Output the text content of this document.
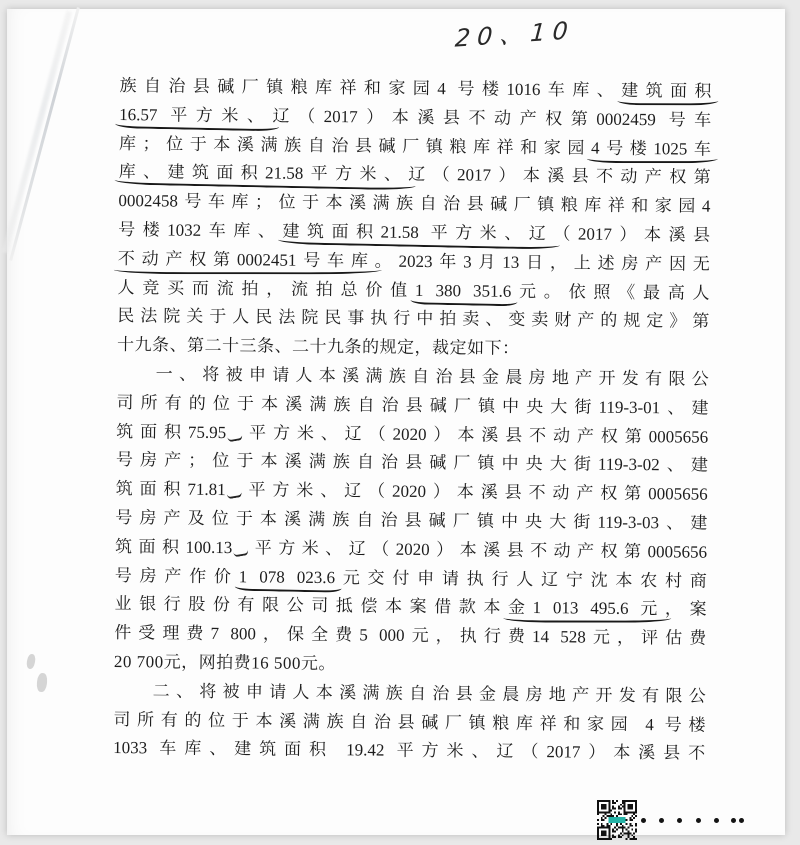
20、10
族自治县碱厂镇粮库祥和家园4 号楼1016车库、建筑面积
16.57 平方米、辽（2017）本溪县不动产权第0002459 号车
库；位于本溪满族自治县碱厂镇粮库祥和家园4号楼1025车
库、建筑面积21.58平方米、辽（2017）本溪县不动产权第
0002458号车库；位于本溪满族自治县碱厂镇粮库祥和家园4
号楼1032车库、建筑面积21.58 平方米、辽（2017）本溪县
不动产权第0002451号车库。2023年3月13日，上述房产因无
人竞买而流拍，流拍总价值1 380 351.6元。依照《最高人
民法院关于人民法院民事执行中拍卖、变卖财产的规定》第
十九条、第二十三条、二十九条的规定，裁定如下：
一、将被申请人本溪满族自治县金晨房地产开发有限公
司所有的位于本溪满族自治县碱厂镇中央大街119-3-01、建
筑面积75.95 平方米、辽（2020）本溪县不动产权第0005656
号房产；位于本溪满族自治县碱厂镇中央大街119-3-02、建
筑面积71.81 平方米、辽（2020）本溪县不动产权第0005656
号房产及位于本溪满族自治县碱厂镇中央大街119-3-03、建
筑面积100.13 平方米、辽（2020）本溪县不动产权第0005656
号房产作价1 078 023.6元交付申请执行人辽宁沈本农村商
业银行股份有限公司抵偿本案借款本金1 013 495.6 元，案
件受理费7 800，保全费5 000元，执行费14 528元，评估费
20 700元，网拍费16 500元。
二、将被申请人本溪满族自治县金晨房地产开发有限公
司所有的位于本溪满族自治县碱厂镇粮库祥和家园 4 号楼
1033 车库、建筑面积 19.42 平方米、辽（2017）本溪县不
